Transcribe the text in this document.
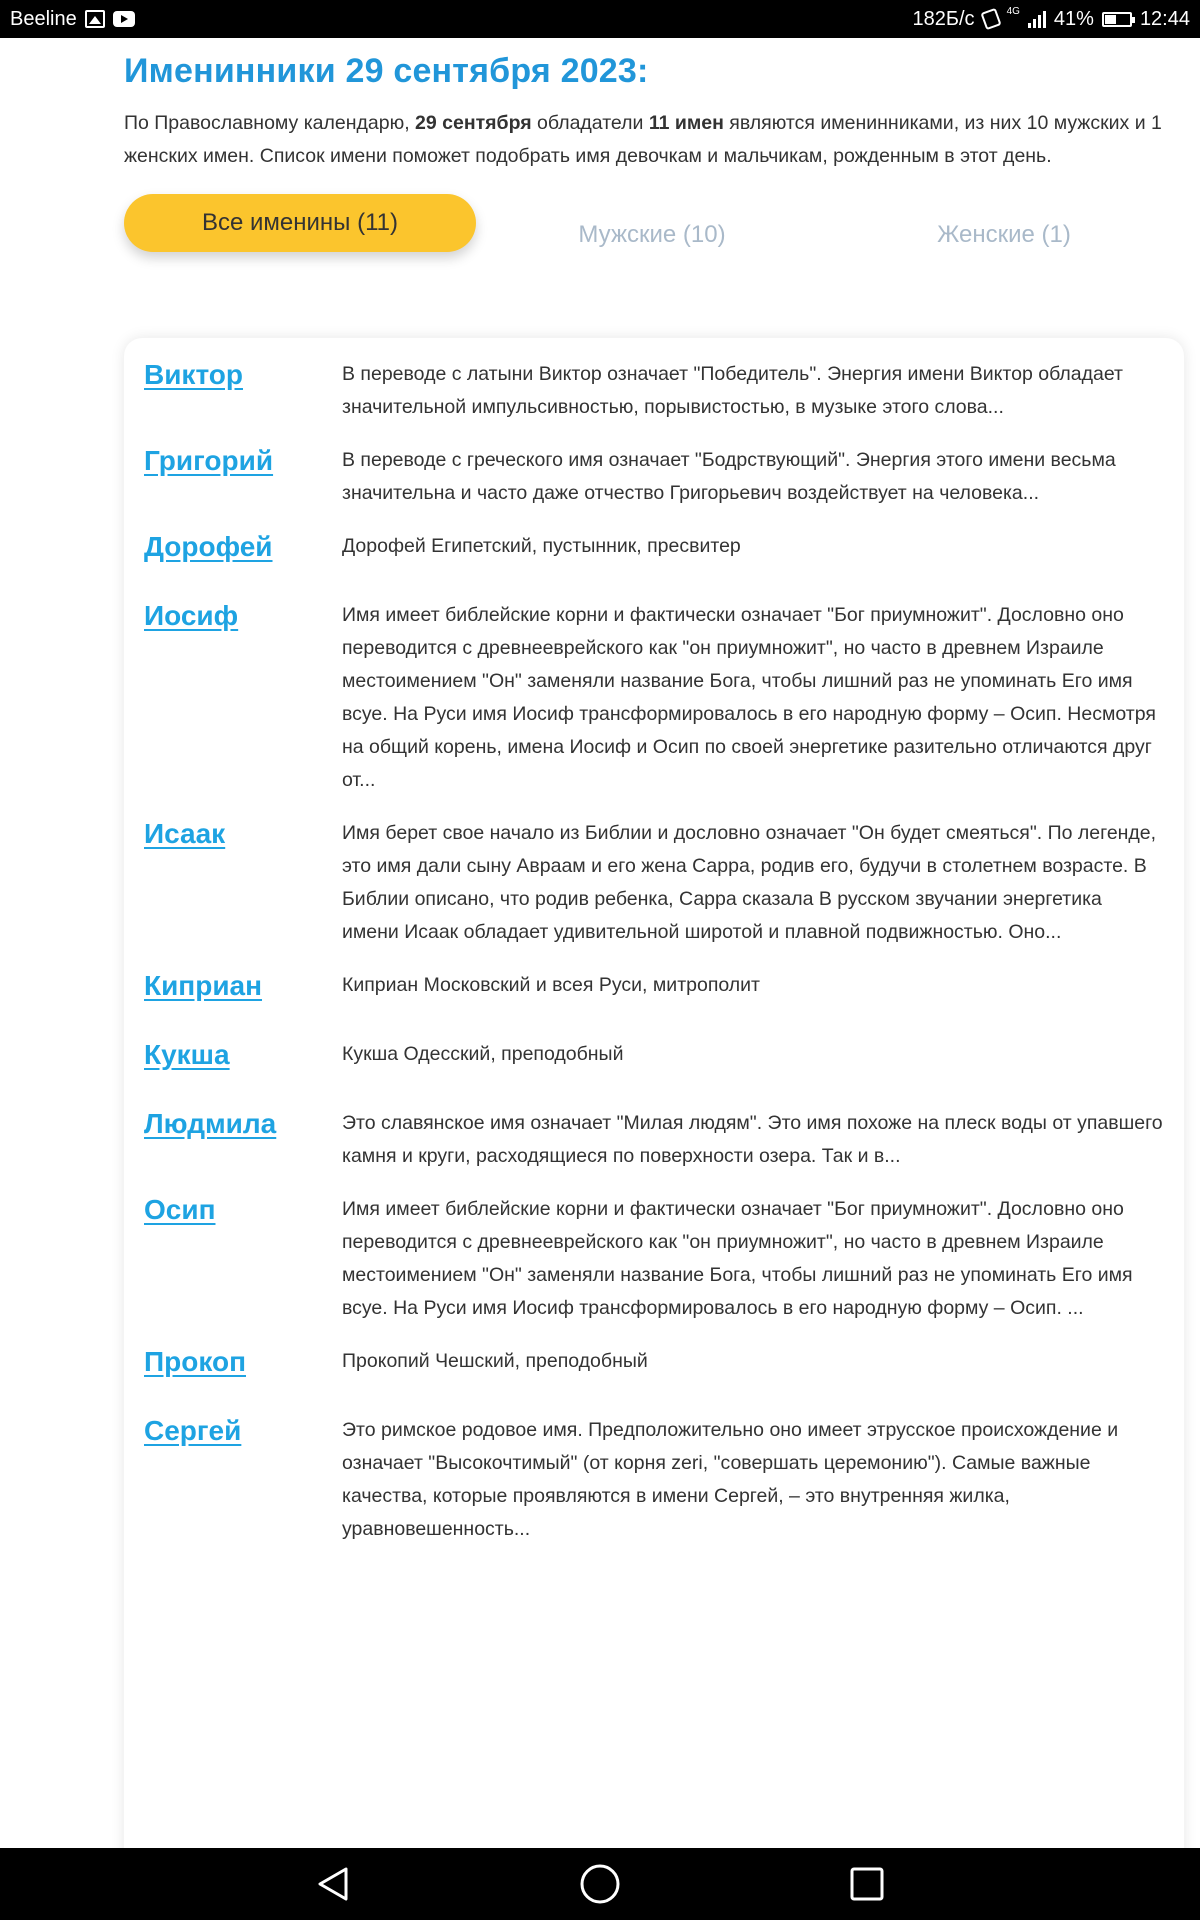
Beeline	182Б/с	4G 41% 12:44
Именинники 29 сентября 2023:

По Православному календарю, 29 сентября обладатели 11 имен являются именинниками, из них 10 мужских и 1 женских имен. Список имени поможет подобрать имя девочкам и мальчикам, рожденным в этот день.

Все именины (11)	Мужские (10)	Женские (1)
Виктор	В переводе с латыни Виктор означает "Победитель". Энергия имени Виктор обладает значительной импульсивностью, порывистостью, в музыке этого слова...

Григорий	В переводе с греческого имя означает "Бодрствующий". Энергия этого имени весьма значительна и часто даже отчество Григорьевич воздействует на человека...

Дорофей	Дорофей Египетский, пустынник, пресвитер

Иосиф	Имя имеет библейские корни и фактически означает "Бог приумножит". Дословно оно переводится с древнееврейского как "он приумножит", но часто в древнем Израиле местоимением "Он" заменяли название Бога, чтобы лишний раз не упоминать Его имя всуе. На Руси имя Иосиф трансформировалось в его народную форму – Осип. Несмотря на общий корень, имена Иосиф и Осип по своей энергетике разительно отличаются друг от...

Исаак	Имя берет свое начало из Библии и дословно означает "Он будет смеяться". По легенде, это имя дали сыну Авраам и его жена Сарра, родив его, будучи в столетнем возрасте. В Библии описано, что родив ребенка, Сарра сказала В русском звучании энергетика имени Исаак обладает удивительной широтой и плавной подвижностью. Оно...

Киприан	Киприан Московский и всея Руси, митрополит

Кукша	Кукша Одесский, преподобный

Людмила	Это славянское имя означает "Милая людям". Это имя похоже на плеск воды от упавшего камня и круги, расходящиеся по поверхности озера. Так и в...

Осип	Имя имеет библейские корни и фактически означает "Бог приумножит". Дословно оно переводится с древнееврейского как "он приумножит", но часто в древнем Израиле местоимением "Он" заменяли название Бога, чтобы лишний раз не упоминать Его имя всуе. На Руси имя Иосиф трансформировалось в его народную форму – Осип. ...

Прокоп	Прокопий Чешский, преподобный

Сергей	Это римское родовое имя. Предположительно оно имеет этрусское происхождение и означает "Высокочтимый" (от корня zeri, "совершать церемонию"). Самые важные качества, которые проявляются в имени Сергей, – это внутренняя жилка, уравновешенность...
